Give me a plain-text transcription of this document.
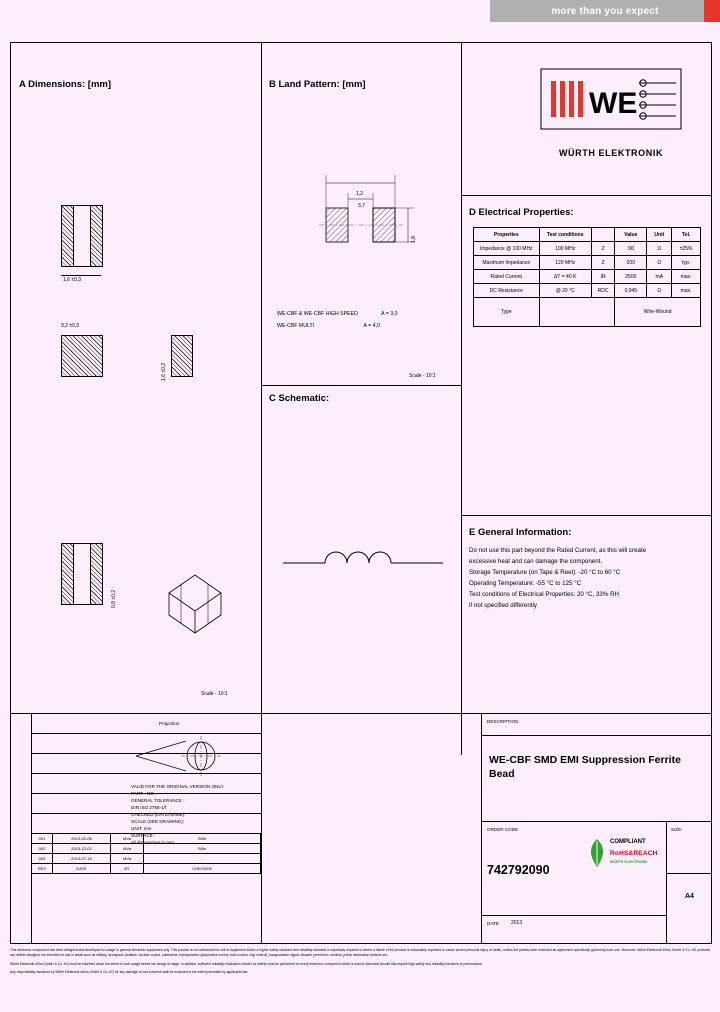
more than you expect
A Dimensions: [mm]
1,6 ±0,3
3,2 ±0,3
1,6 ±0,2
0,8 ±0,2
Scale - 10:1
B Land Pattern: [mm]
3,7
1,2
1,8
WE-CBF & WE-CBF HIGH SPEED	A = 3,0
WE-CBF MULTI	A = 4,0
Scale - 10:1
C Schematic:
WE
WÜRTH ELEKTRONIK
D Electrical Properties:
Properties	Test conditions		Value	Unit	Tol.
Impedance @ 100 MHz	100 MHz	Z	90	Ω	±25%
Maximum Impedance	120 MHz	Z	200	Ω	typ.
Rated Current	ΔT = 40 K	IR	2500	mA	max.
DC Resistance	@ 20 °C	RDC	0,045	Ω	max.
Type			Wire-Wound		
E General Information:
Do not use this part beyond the Rated Current, as this will create
excessive heat and can damage the component.
Storage Temperature (on Tape & Reel): -20 °C to 60 °C
Operating Temperature: -55 °C to 125 °C
Test conditions of Electrical Properties: 20 °C, 33% RH
if not specified differently
Projection
VALID FOR THE ORIGINAL VERSION ONLY
PART - NO.
GENERAL TOLERANCE :
DIN ISO 2768-1/f
CHECKED (DATE/NAME):
SCALE (SEE DRAWING):
UNIT: mm
SURFACE :
all dimensions in mm
001	2013-02-06	MVa	SMe
002	2013-12-02	MVa	SMe
003	2014-07-18	MVa	-
REV	DATE	BY	CHECKED
DESCRIPTION
WE-CBF SMD EMI Suppression Ferrite Bead
ORDER CODE
742792090
SIZE
A4
DATE 2013
COMPLIANT
RoHS&REACH
WÜRTH ELEKTRONIK

This electronic component has been designed and developed for usage in general electronic equipment only. This product is not authorized for use in equipment where a higher safety standard and reliability standard is especially required or where a failure of the product is reasonably expected to cause severe personal injury or death, unless the parties have executed an agreement specifically governing such use. Moreover, Würth Elektronik eiSos GmbH & Co. KG products are neither designed nor intended for use in areas such as military, aerospace, aviation, nuclear control, submarine, transportation (automotive control, train control, ship control), transportation signal, disaster prevention, medical, public information network etc.

Würth Elektronik eiSos GmbH & Co. KG must be informed about the intent of such usage before the design-in stage. In addition, sufficient reliability evaluation checks for safety must be performed on every electronic component which is used in electrical circuits that require high safety and reliability functions or performance.

Any responsibility assumed by Würth Elektronik eiSos GmbH & Co. KG for any damage or loss incurred shall be excluded to the extent permitted by applicable law.
